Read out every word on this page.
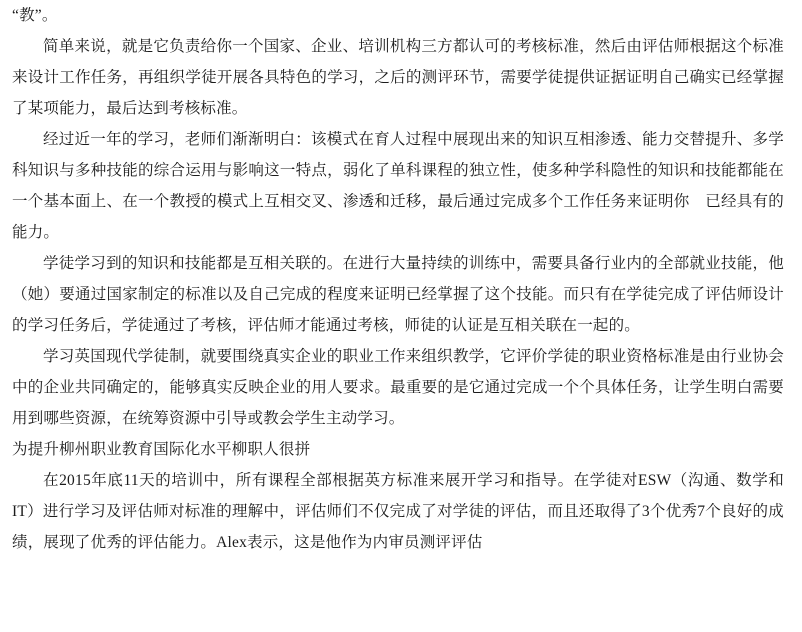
“教”。

简单来说，就是它负责给你一个国家、企业、培训机构三方都认可的考核标准，然后由评估师根据这个标准来设计工作任务，再组织学徒开展各具特色的学习，之后的测评环节，需要学徒提供证据证明自己确实已经掌握了某项能力，最后达到考核标准。

经过近一年的学习，老师们渐渐明白：该模式在育人过程中展现出来的知识互相渗透、能力交替提升、多学科知识与多种技能的综合运用与影响这一特点，弱化了单科课程的独立性，使多种学科隐性的知识和技能都能在一个基本面上、在一个教授的模式上互相交叉、渗透和迁移，最后通过完成多个工作任务来证明你　已经具有的能力。

学徒学习到的知识和技能都是互相关联的。在进行大量持续的训练中，需要具备行业内的全部就业技能，他（她）要通过国家制定的标准以及自己完成的程度来证明已经掌握了这个技能。而只有在学徒完成了评估师设计的学习任务后，学徒通过了考核，评估师才能通过考核，师徒的认证是互相关联在一起的。

学习英国现代学徒制，就要围绕真实企业的职业工作来组织教学，它评价学徒的职业资格标准是由行业协会中的企业共同确定的，能够真实反映企业的用人要求。最重要的是它通过完成一个个具体任务，让学生明白需要用到哪些资源，在统筹资源中引导或教会学生主动学习。

为提升柳州职业教育国际化水平柳职人很拼

在2015年底11天的培训中，所有课程全部根据英方标准来展开学习和指导。在学徒对ESW（沟通、数学和IT）进行学习及评估师对标准的理解中，评估师们不仅完成了对学徒的评估，而且还取得了3个优秀7个良好的成绩，展现了优秀的评估能力。Alex表示，这是他作为内审员测评评估
